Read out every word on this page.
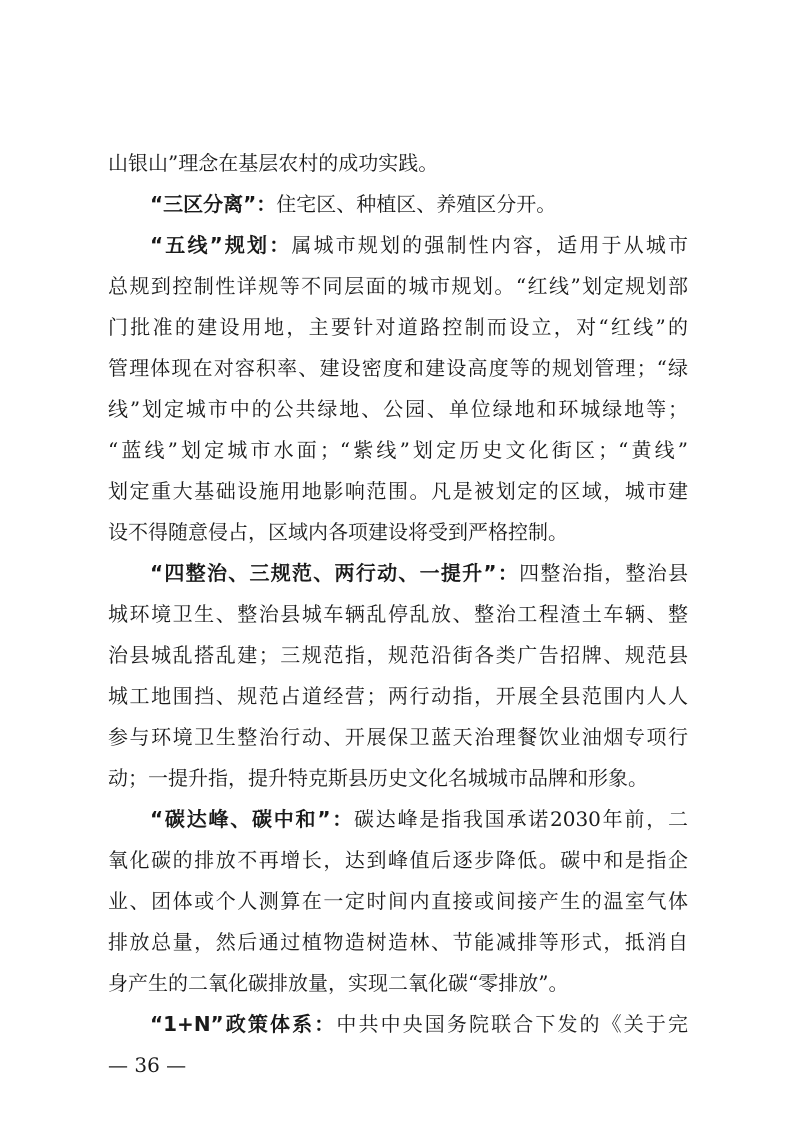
山银山”理念在基层农村的成功实践。
“三区分离”：住宅区、种植区、养殖区分开。
“五线”规划：属城市规划的强制性内容，适用于从城市
总规到控制性详规等不同层面的城市规划。“红线”划定规划部
门批准的建设用地，主要针对道路控制而设立，对“红线”的
管理体现在对容积率、建设密度和建设高度等的规划管理；“绿
线”划定城市中的公共绿地、公园、单位绿地和环城绿地等；
“蓝线”划定城市水面；“紫线”划定历史文化街区；“黄线”
划定重大基础设施用地影响范围。凡是被划定的区域，城市建
设不得随意侵占，区域内各项建设将受到严格控制。
“四整治、三规范、两行动、一提升”：四整治指，整治县
城环境卫生、整治县城车辆乱停乱放、整治工程渣土车辆、整
治县城乱搭乱建；三规范指，规范沿街各类广告招牌、规范县
城工地围挡、规范占道经营；两行动指，开展全县范围内人人
参与环境卫生整治行动、开展保卫蓝天治理餐饮业油烟专项行
动；一提升指，提升特克斯县历史文化名城城市品牌和形象。
“碳达峰、碳中和”：碳达峰是指我国承诺2030年前，二
氧化碳的排放不再增长，达到峰值后逐步降低。碳中和是指企
业、团体或个人测算在一定时间内直接或间接产生的温室气体
排放总量，然后通过植物造树造林、节能减排等形式，抵消自
身产生的二氧化碳排放量，实现二氧化碳“零排放”。
“1+N”政策体系：中共中央国务院联合下发的《关于完
— 36 —
